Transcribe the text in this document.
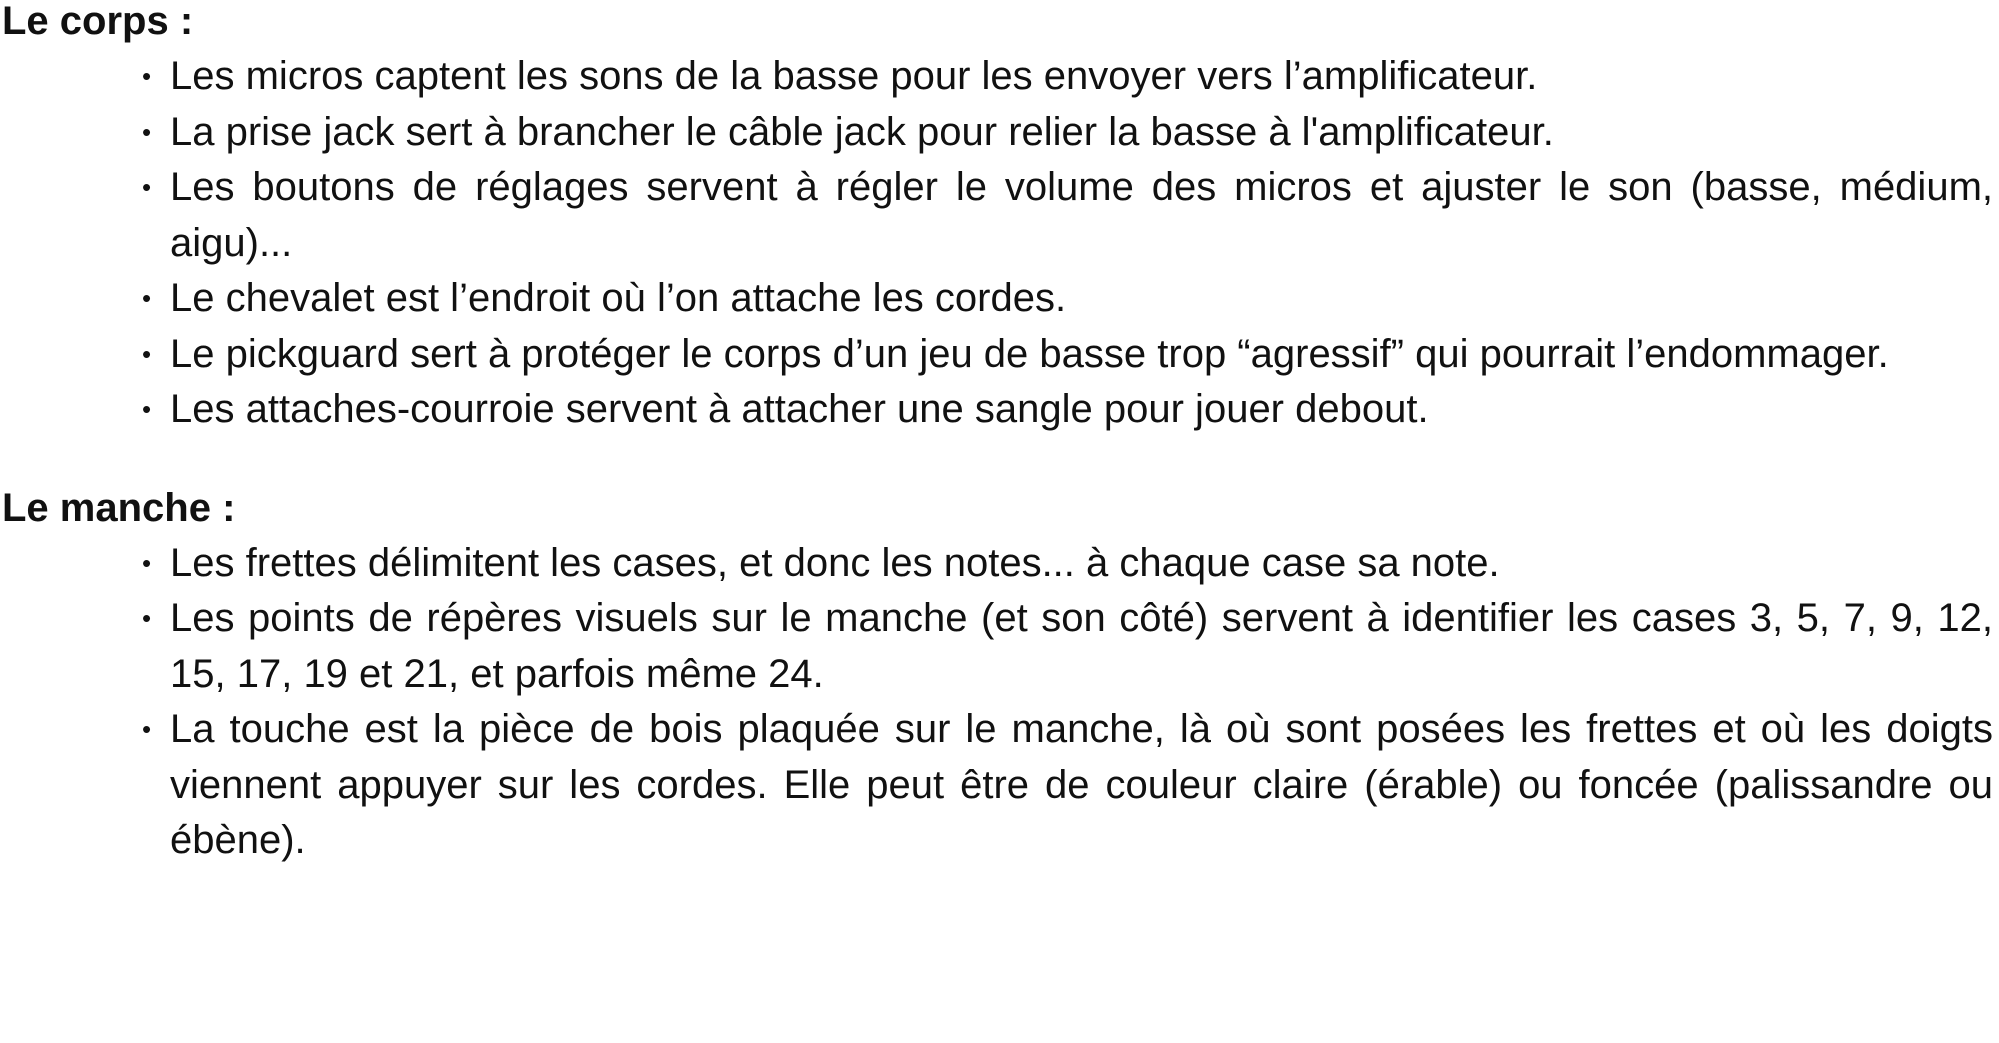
Le corps :
• Les micros captent les sons de la basse pour les envoyer vers l’amplificateur.
• La prise jack sert à brancher le câble jack pour relier la basse à l'amplificateur.
• Les boutons de réglages servent à régler le volume des micros et ajuster le son (basse, médium, aigu)...
• Le chevalet est l’endroit où l’on attache les cordes.
• Le pickguard sert à protéger le corps d’un jeu de basse trop “agressif” qui pourrait l’endommager.
• Les attaches-courroie servent à attacher une sangle pour jouer debout.
Le manche :
• Les frettes délimitent les cases, et donc les notes... à chaque case sa note.
• Les points de répères visuels sur le manche (et son côté) servent à identifier les cases 3, 5, 7, 9, 12, 15, 17, 19 et 21, et parfois même 24.
• La touche est la pièce de bois plaquée sur le manche, là où sont posées les frettes et où les doigts viennent appuyer sur les cordes. Elle peut être de couleur claire (érable) ou foncée (palissandre ou ébène).
